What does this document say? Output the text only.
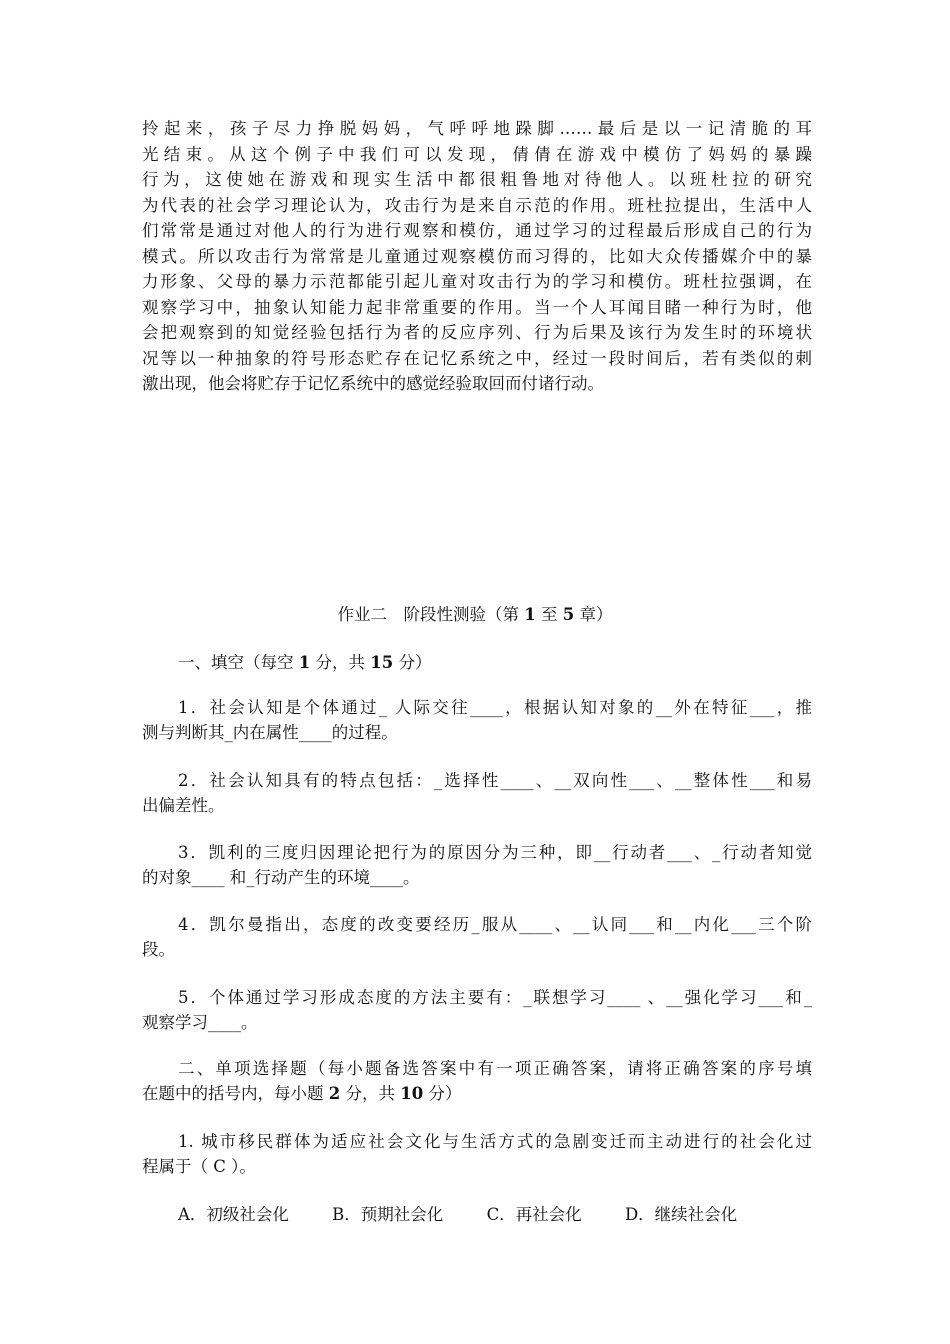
拎起来，孩子尽力挣脱妈妈，气呼呼地跺脚……最后是以一记清脆的耳
光结束。从这个例子中我们可以发现，倩倩在游戏中模仿了妈妈的暴躁
行为，这使她在游戏和现实生活中都很粗鲁地对待他人。以班杜拉的研究
为代表的社会学习理论认为，攻击行为是来自示范的作用。班杜拉提出，生活中人
们常常是通过对他人的行为进行观察和模仿，通过学习的过程最后形成自己的行为
模式。所以攻击行为常常是儿童通过观察模仿而习得的，比如大众传播媒介中的暴
力形象、父母的暴力示范都能引起儿童对攻击行为的学习和模仿。班杜拉强调，在
观察学习中，抽象认知能力起非常重要的作用。当一个人耳闻目睹一种行为时，他
会把观察到的知觉经验包括行为者的反应序列、行为后果及该行为发生时的环境状
况等以一种抽象的符号形态贮存在记忆系统之中，经过一段时间后，若有类似的刺
激出现，他会将贮存于记忆系统中的感觉经验取回而付诸行动。

作业二　阶段性测验（第 1 至 5 章）

一、填空（每空 1 分，共 15 分）

1．社会认知是个体通过_ 人际交往____，根据认知对象的__外在特征___，推
测与判断其_内在属性____的过程。
2．社会认知具有的特点包括：_选择性____、__双向性___、__整体性___和易
出偏差性。
3．凯利的三度归因理论把行为的原因分为三种，即__行动者___、_行动者知觉
的对象____ 和_行动产生的环境____。
4．凯尔曼指出，态度的改变要经历_服从____、__认同___和__内化___三个阶
段。
5．个体通过学习形成态度的方法主要有：_联想学习____ 、__强化学习___和_
观察学习____。
二、单项选择题（每小题备选答案中有一项正确答案，请将正确答案的序号填
在题中的括号内，每小题 2 分，共 10 分）
1. 城市移民群体为适应社会文化与生活方式的急剧变迁而主动进行的社会化过
程属于（ C ）。

A．初级社会化	B．预期社会化	C．再社会化	D．继续社会化
